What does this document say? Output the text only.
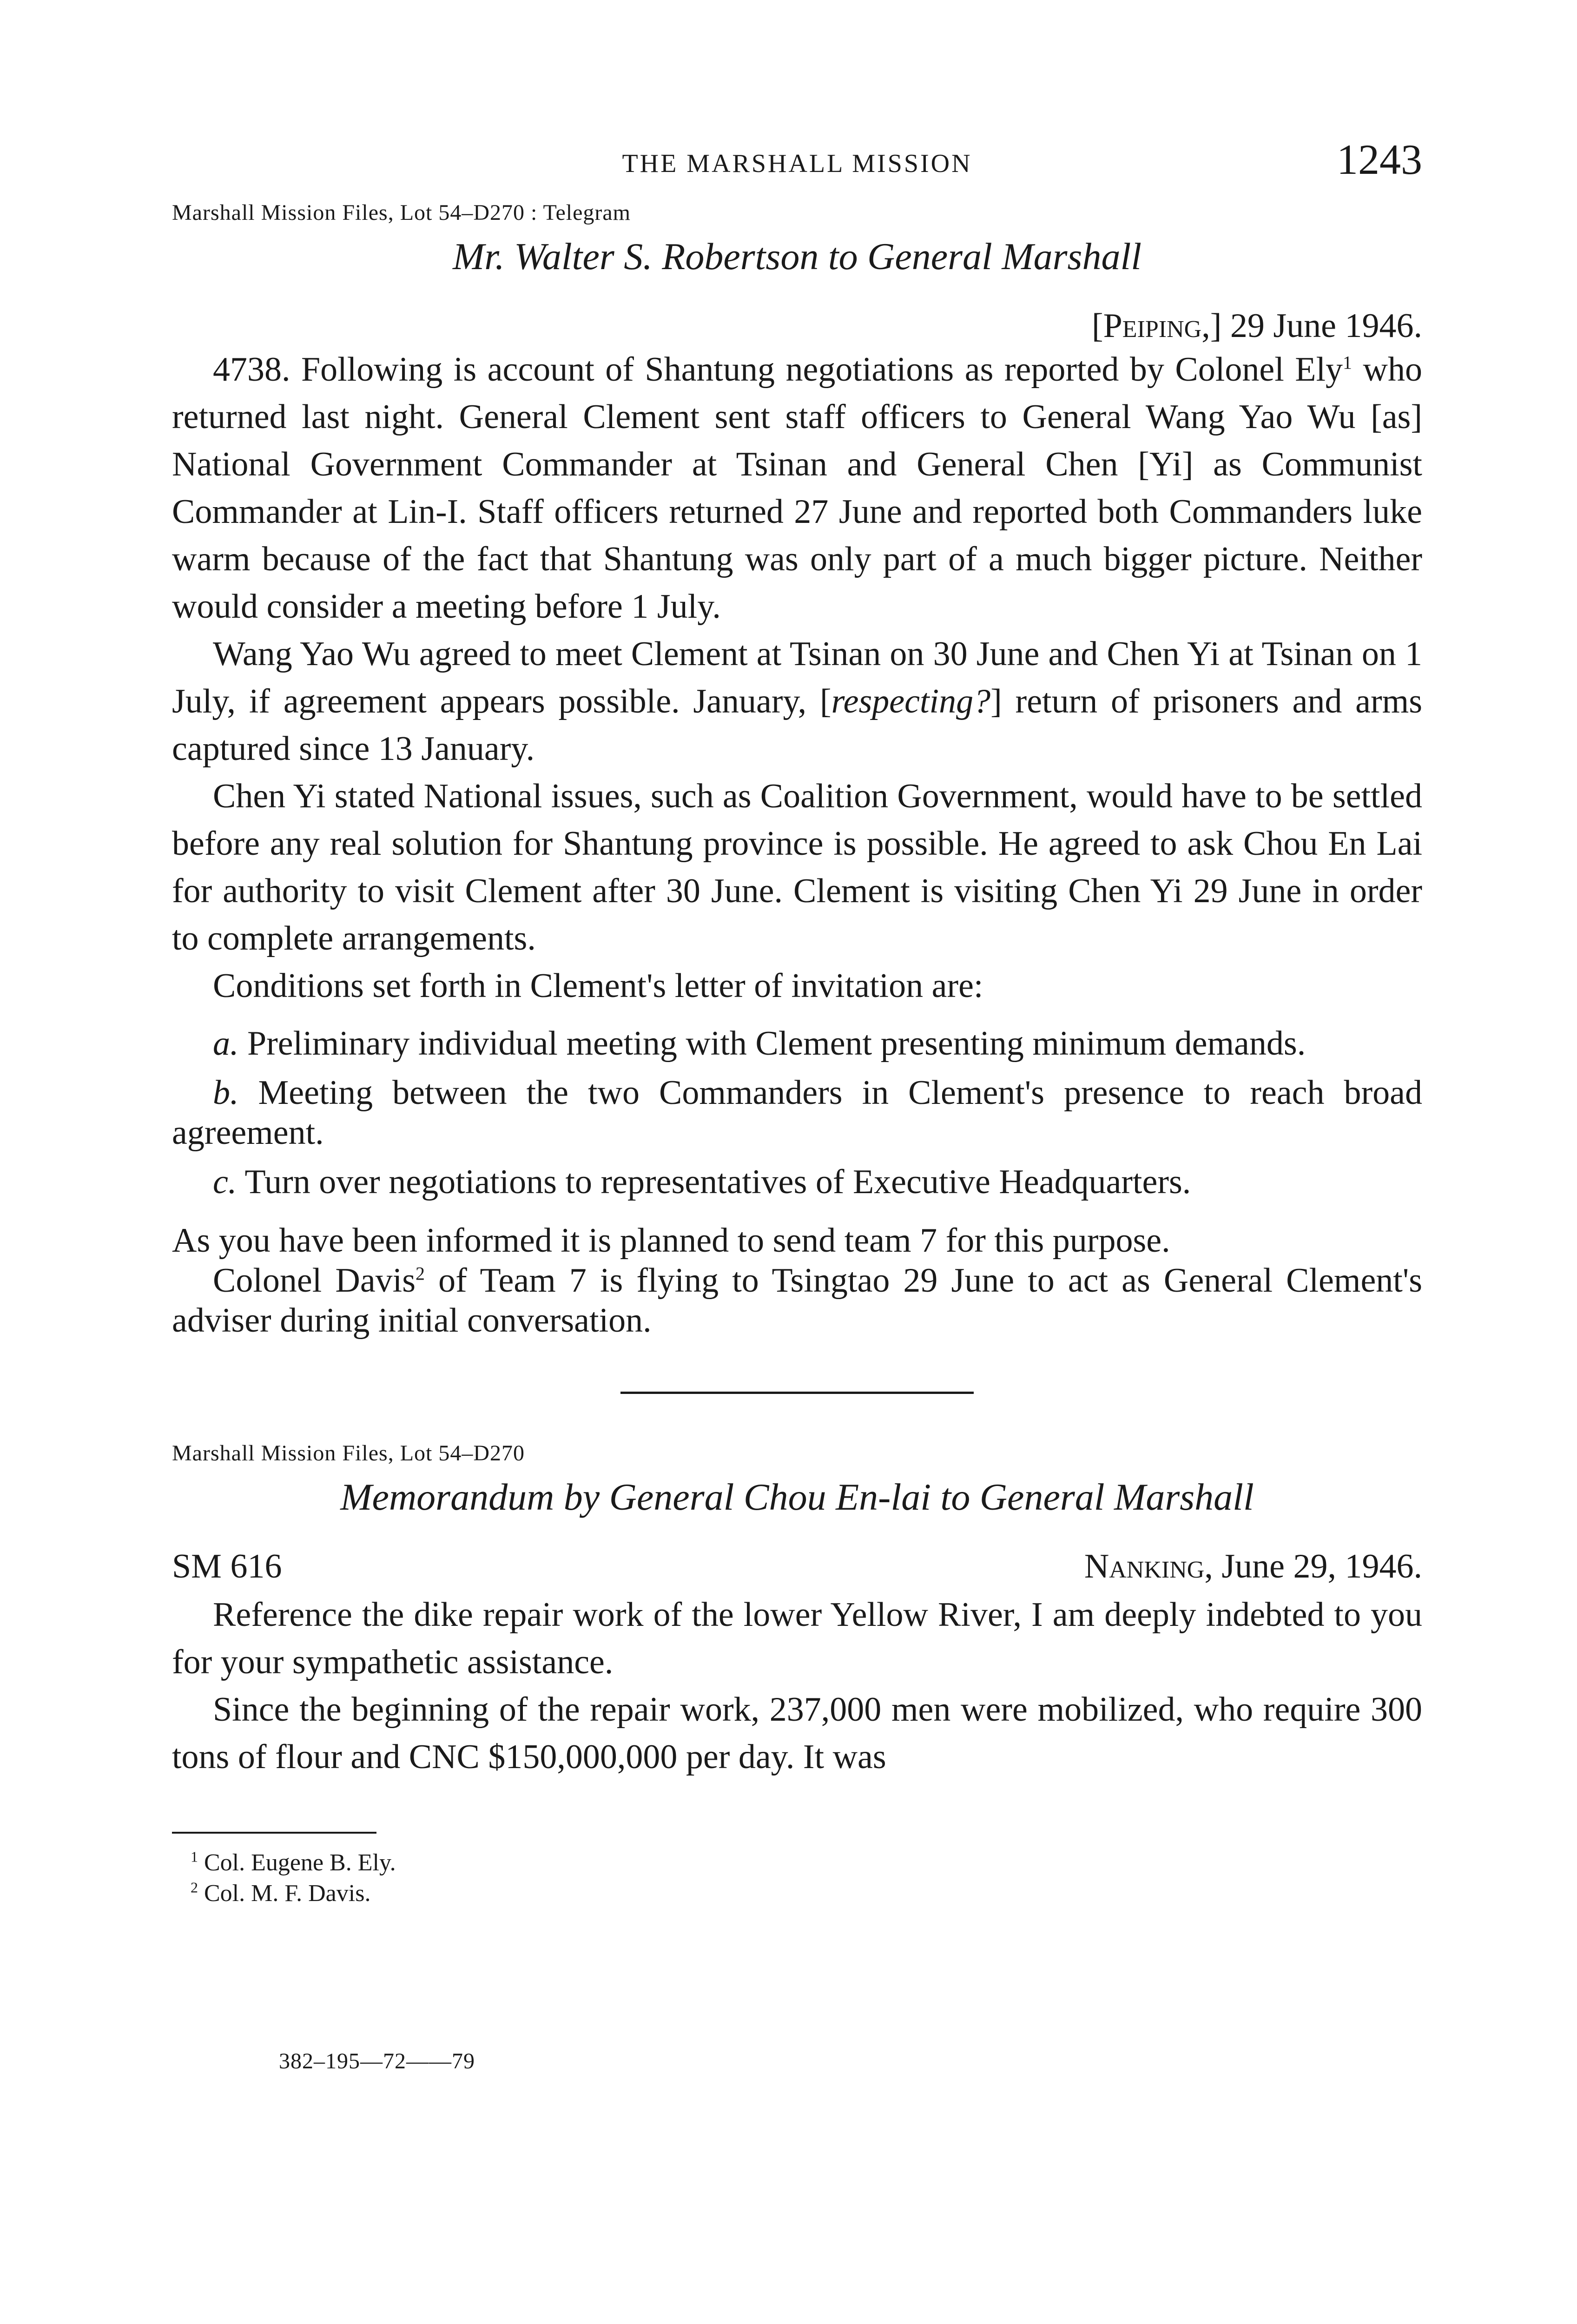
THE MARSHALL MISSION	1243
Marshall Mission Files, Lot 54–D270 : Telegram
Mr. Walter S. Robertson to General Marshall
[Peiping,] 29 June 1946.

4738. Following is account of Shantung negotiations as reported by Colonel Ely$^1$ who returned last night. General Clement sent staff officers to General Wang Yao Wu [as] National Government Commander at Tsinan and General Chen [Yi] as Communist Commander at Lin-I. Staff officers returned 27 June and reported both Commanders luke warm because of the fact that Shantung was only part of a much bigger picture. Neither would consider a meeting before 1 July.

Wang Yao Wu agreed to meet Clement at Tsinan on 30 June and Chen Yi at Tsinan on 1 July, if agreement appears possible. January, [respecting?] return of prisoners and arms captured since 13 January.

Chen Yi stated National issues, such as Coalition Government, would have to be settled before any real solution for Shantung province is possible. He agreed to ask Chou En Lai for authority to visit Clement after 30 June. Clement is visiting Chen Yi 29 June in order to complete arrangements.

Conditions set forth in Clement's letter of invitation are:

a. Preliminary individual meeting with Clement presenting minimum demands.
b. Meeting between the two Commanders in Clement's presence to reach broad agreement.
c. Turn over negotiations to representatives of Executive Headquarters.

As you have been informed it is planned to send team 7 for this purpose.

Colonel Davis$^2$ of Team 7 is flying to Tsingtao 29 June to act as General Clement's adviser during initial conversation.

Marshall Mission Files, Lot 54–D270
Memorandum by General Chou En-lai to General Marshall
SM 616	Nanking, June 29, 1946.

Reference the dike repair work of the lower Yellow River, I am deeply indebted to you for your sympathetic assistance.

Since the beginning of the repair work, 237,000 men were mobilized, who require 300 tons of flour and CNC $150,000,000 per day. It was

$^1$ Col. Eugene B. Ely.
$^2$ Col. M. F. Davis.
382–195—72——79
